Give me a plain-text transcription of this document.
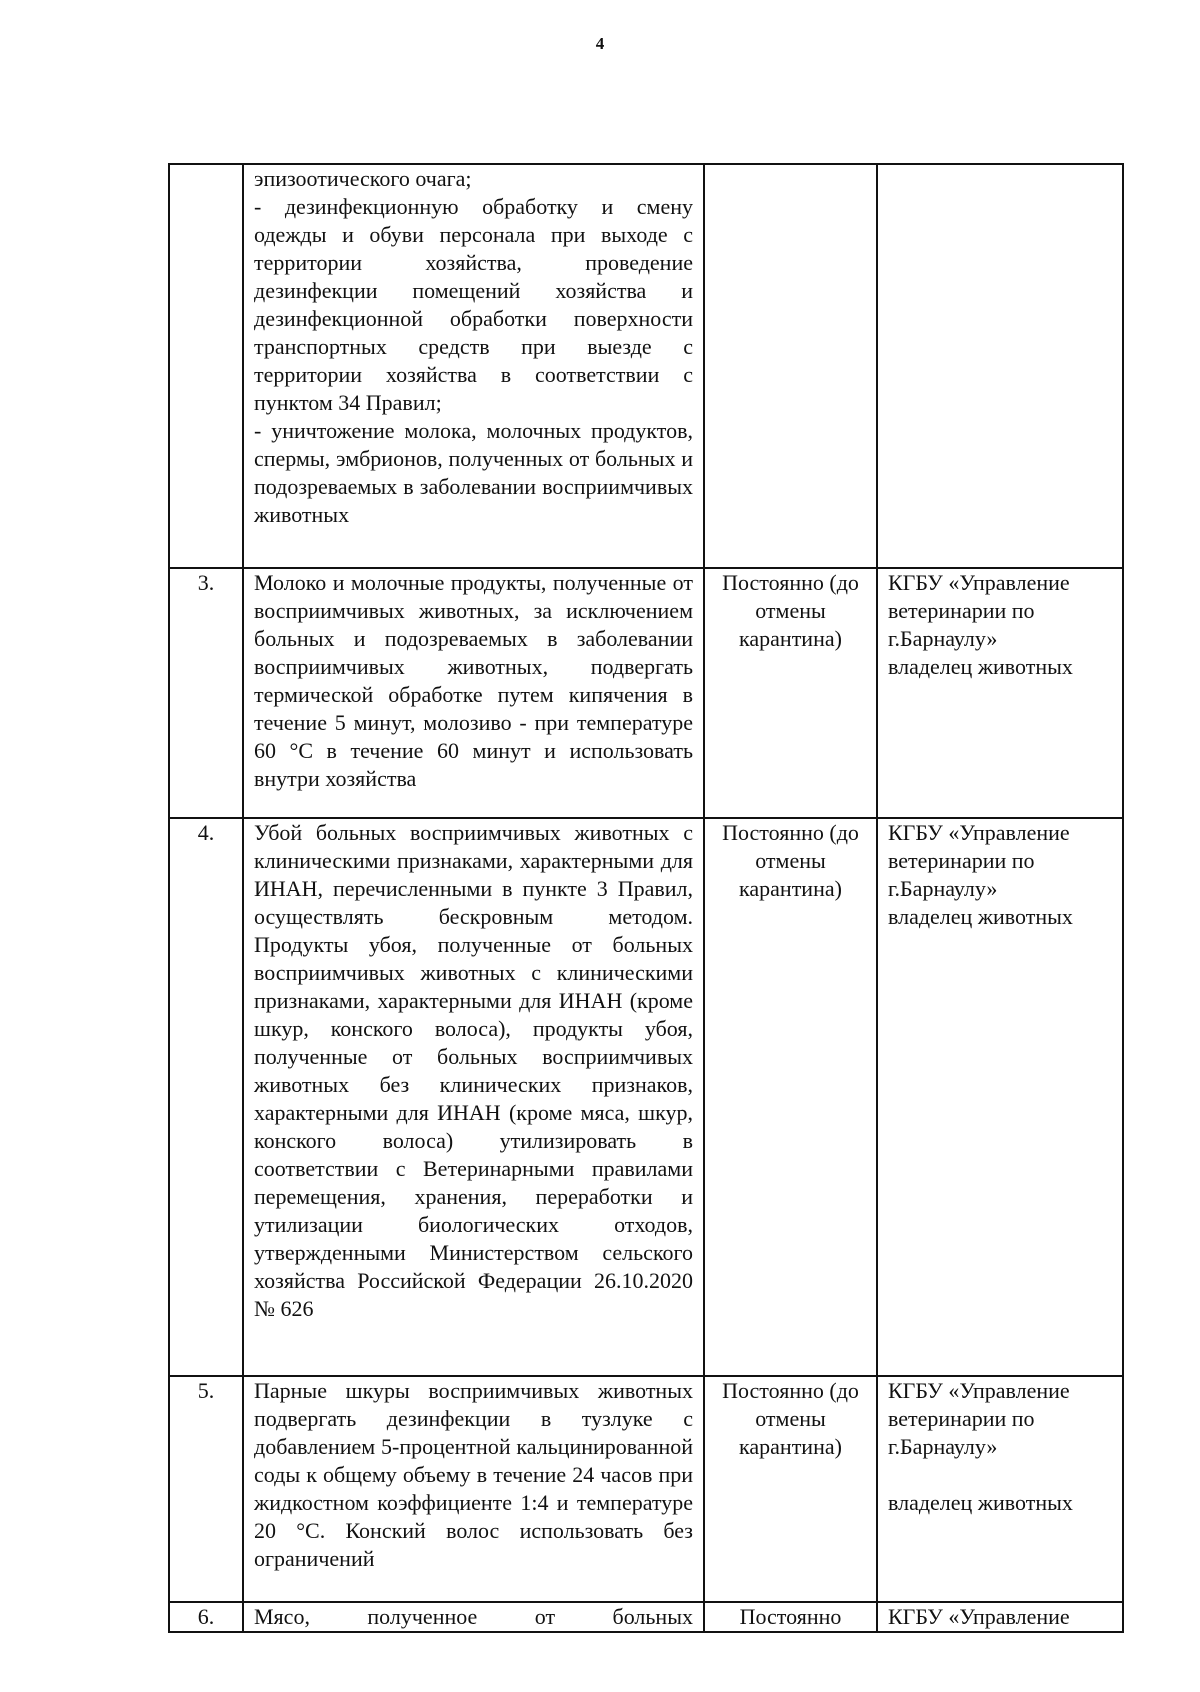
4
	эпизоотического очага;
- дезинфекционную обработку и смену одежды и обуви персонала при выходе с территории хозяйства, проведение дезинфекции помещений хозяйства и дезинфекционной обработки поверхности транспортных средств при выезде с территории хозяйства в соответствии с пунктом 34 Правил;
- уничтожение молока, молочных продуктов, спермы, эмбрионов, полученных от больных и подозреваемых в заболевании восприимчивых животных		

3.	Молоко и молочные продукты, полученные от восприимчивых животных, за исключением больных и подозреваемых в заболевании восприимчивых животных, подвергать термической обработке путем кипячения в течение 5 минут, молозиво - при температуре 60 °С в течение 60 минут и использовать внутри хозяйства	Постоянно (до отмены карантина)	КГБУ «Управление ветеринарии по г.Барнаулу»
владелец животных

4.	Убой больных восприимчивых животных с клиническими признаками, характерными для ИНАН, перечисленными в пункте 3 Правил, осуществлять бескровным методом. Продукты убоя, полученные от больных восприимчивых животных с клиническими признаками, характерными для ИНАН (кроме шкур, конского волоса), продукты убоя, полученные от больных восприимчивых животных без клинических признаков, характерными для ИНАН (кроме мяса, шкур, конского волоса) утилизировать в соответствии с Ветеринарными правилами перемещения, хранения, переработки и утилизации биологических отходов, утвержденными Министерством сельского хозяйства Российской Федерации 26.10.2020 № 626	Постоянно (до отмены карантина)	КГБУ «Управление ветеринарии по г.Барнаулу»
владелец животных

5.	Парные шкуры восприимчивых животных подвергать дезинфекции в тузлуке с добавлением 5-процентной кальцинированной соды к общему объему в течение 24 часов при жидкостном коэффициенте 1:4 и температуре 20 °С. Конский волос использовать без ограничений	Постоянно (до отмены карантина)	КГБУ «Управление ветеринарии по г.Барнаулу»
владелец животных

6.	Мясо, полученное от больных	Постоянно	КГБУ «Управление
